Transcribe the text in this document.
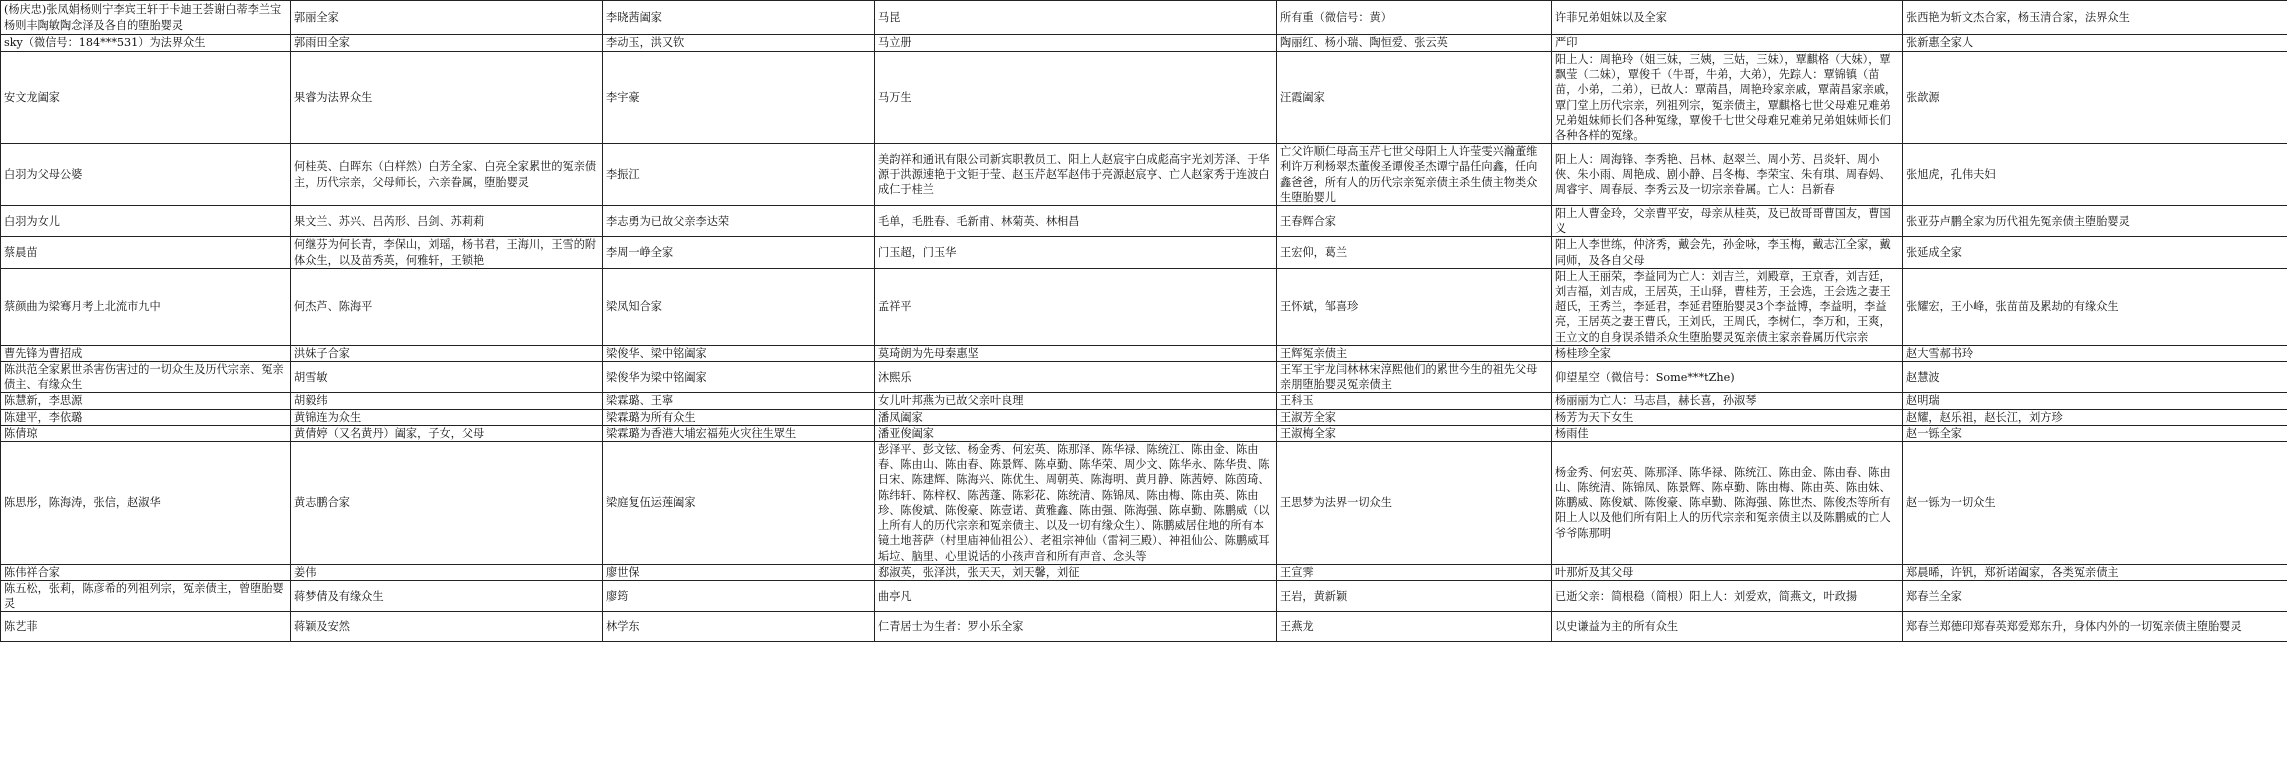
(杨庆忠)张凤娟杨则宁李宾王轩于卡迪王荟谢白蒂李兰宝杨则丰陶敏陶念泽及各自的堕胎婴灵	郭丽全家	李晓茜阖家	马昆	所有重（微信号：黄）	许菲兄弟姐妹以及全家	张西艳为斩文杰合家，杨玉清合家，法界众生
sky（微信号：184***531）为法界众生	郭雨田全家	李动玉，洪又钦	马立册	陶丽红、杨小瑞、陶恒爱、张云英	严印	张新惠全家人
安文龙阖家	果睿为法界众生	李宇豪	马万生	汪霞阖家	阳上人：周艳玲（姐三妹，三姨，三姑，三妹），覃麒格（大妹），覃飘莹（二妹），覃俊千（牛哥，牛弟，大弟），先踪人：覃锦镇（苗苗，小弟，二弟），已故人：覃䓣昌，周艳玲家亲戚，覃䓣昌家亲戚，覃门堂上历代宗亲，列祖列宗，冤亲债主，覃麒格七世父母难兄难弟兄弟姐妹师长们各种冤缘，覃俊千七世父母难兄难弟兄弟姐妹师长们各种各样的冤缘。	张歆源
白羽为父母公婆	何桂英、白晖东（白样然）白芳全家、白亮全家累世的冤亲债主，历代宗亲，父母师长，六亲眷属，堕胎婴灵	李振江	美韵祥和通讯有限公司新宾职教员工、阳上人赵宸宇白成彪高宇光刘芳泽、于华源于洪源速艳于文钜于莹、赵玉芹赵军赵伟于亮源赵宸亨、亡人赵家秀于连波白成仁于桂兰	亡父许顺仁母高玉芹七世父母阳上人许莹雯兴瀚董维利许万利杨翠杰董俊圣谭俊圣杰谭宁晶任向鑫，任向鑫爸爸，所有人的历代宗亲冤亲债主杀生债主物类众生堕胎婴儿	阳上人：周海锋、李秀艳、吕林、赵翠兰、周小芳、吕炎轩、周小俠、朱小雨、周艳成、剧小静、吕冬梅、李荣宝、朱有琪、周春妈、周睿宇、周春辰、李秀云及一切宗亲眷属。亡人：吕新春	张旭虎，孔伟夫妇
白羽为女儿	果文兰、苏兴、吕芮形、吕剑、苏莉莉	李志勇为已故父亲李达荣	毛单，毛胜春、毛新甫、林菊英、林相昌	王春辉合家	阳上人曹金玲，父亲曹平安，母亲从桂英，及已故哥哥曹国友，曹国义	张亚芬卢鹏全家为历代祖先冤亲债主堕胎婴灵
蔡晨苗	何继芬为何长青，李保山，刘瑶，杨书君，王海川，王雪的附体众生，以及苗秀英，何雅轩，王锁艳	李周一峥全家	门玉超，门玉华	王宏仰，葛兰	阳上人李世练，仲济秀，戴会先，孙金咏，李玉梅，戴志江全家，戴同师，及各自父母	张延成全家
蔡颜曲为梁骞月考上北流市九中	何杰芦、陈海平	梁凤知合家	孟祥平	王怀斌，邹喜珍	阳上人王丽荣，李益同为亡人：刘吉兰，刘殿章，王京香，刘吉廷，刘吉福，刘吉成，王居英，王山驿，曹桂芳，王会选，王会选之妻王超氏，王秀兰，李延君，李延君堕胎婴灵3个李益博，李益明，李益亮，王居英之妻王曹氏，王刘氏，王周氏，李树仁，李万和，王爽，王立文的自身误杀错杀众生堕胎婴灵冤亲债主家亲眷属历代宗亲	张耀宏，王小峰，张苗苗及累劫的有缘众生
曹先锋为曹招成	洪妹子合家	梁俊华、梁中铭阖家	莫琦朗为先母秦惠坚	王辉冤亲债主	杨桂珍全家	赵大雪郝书玲
陈洪范全家累世杀害伤害过的一切众生及历代宗亲、冤亲债主、有缘众生	胡雪敏	梁俊华为梁中铭阖家	沐熙乐	王军王宇龙闫林林宋淳熙他们的累世今生的祖先父母亲朋堕胎婴灵冤亲债主	仰望星空（微信号：Some***tZhe)	赵慧波
陈慧新，李思源	胡毅纬	梁霖璐、王寧	女儿叶邦燕为已故父亲叶良理	王科玉	杨丽丽为亡人：马志昌，赫长喜，孙淑琴	赵明瑞
陈建平，李依璐	黄锦连为众生	梁霖璐为所有众生	潘凤阖家	王淑芳全家	杨芳为天下女生	赵耀，赵乐祖，赵长江，刘方珍
陈倩琼	黄倩婷（又名黄丹）阖家，子女，父母	梁霖璐为香港大埔宏福苑火灾往生眾生	潘亚俊阖家	王淑梅全家	杨雨佳	赵一铄全家
陈思彤，陈海涛，张信，赵淑华	黄志鹏合家	梁庭复伍运莲阖家	彭泽平、彭文铉、杨金秀、何宏英、陈那泽、陈华禄、陈统江、陈由金、陈由春、陈由山、陈由春、陈景辉、陈卓勤、陈华荣、周少文、陈华永、陈华贵、陈日宋、陈建辉、陈海兴、陈优生、周朝英、陈海明、黄月静、陈茜婷、陈茵琦、陈纬轩、陈梓权、陈茜蓬、陈彩花、陈统清、陈锦凤、陈由梅、陈由英、陈由珍、陈俊斌、陈俊豪、陈壹诺、黄雅鑫、陈由强、陈海强、陈卓勤、陈鹏威（以上所有人的历代宗亲和冤亲债主、以及一切有缘众生）、陈鹏威居住地的所有本镜土地菩萨（村里庙神仙祖公）、老祖宗神仙（雷祠三殿）、神祖仙公、陈鹏威耳垢垃、脑里、心里说话的小孩声音和所有声音、念头等	王思梦为法界一切众生	杨金秀、何宏英、陈那泽、陈华禄、陈统江、陈由金、陈由春、陈由山、陈统清、陈锦凤、陈景辉、陈卓勤、陈由梅、陈由英、陈由妹、陈鹏威、陈俊斌、陈俊豪、陈卓勤、陈海强、陈世杰、陈俊杰等所有阳上人以及他们所有阳上人的历代宗亲和冤亲债主以及陈鹏威的亡人爷爷陈那明	赵一铄为一切众生
陈伟祥合家	姜伟	廖世保	郄淑英，张泽洪，张天天，刘天馨，刘征	王宣霁	叶那炘及其父母	郑晨晞，许钒，郑祈诺阖家，各类冤亲债主
陈五松，张莉，陈彦希的列祖列宗，冤亲债主，曾堕胎婴灵	蒋梦倩及有缘众生	廖筠	曲亭凡	王岩，黄新颖	已逝父亲：简根稳（简根）阳上人：刘爱欢，简燕文，叶政揚	郑春兰全家
陈艺菲	蒋颖及安然	林学东	仁青居士为生者：罗小乐全家	王燕龙	以史谦益为主的所有众生	郑春兰郑德印郑春英郑爱郑东升，身体内外的一切冤亲债主堕胎婴灵
